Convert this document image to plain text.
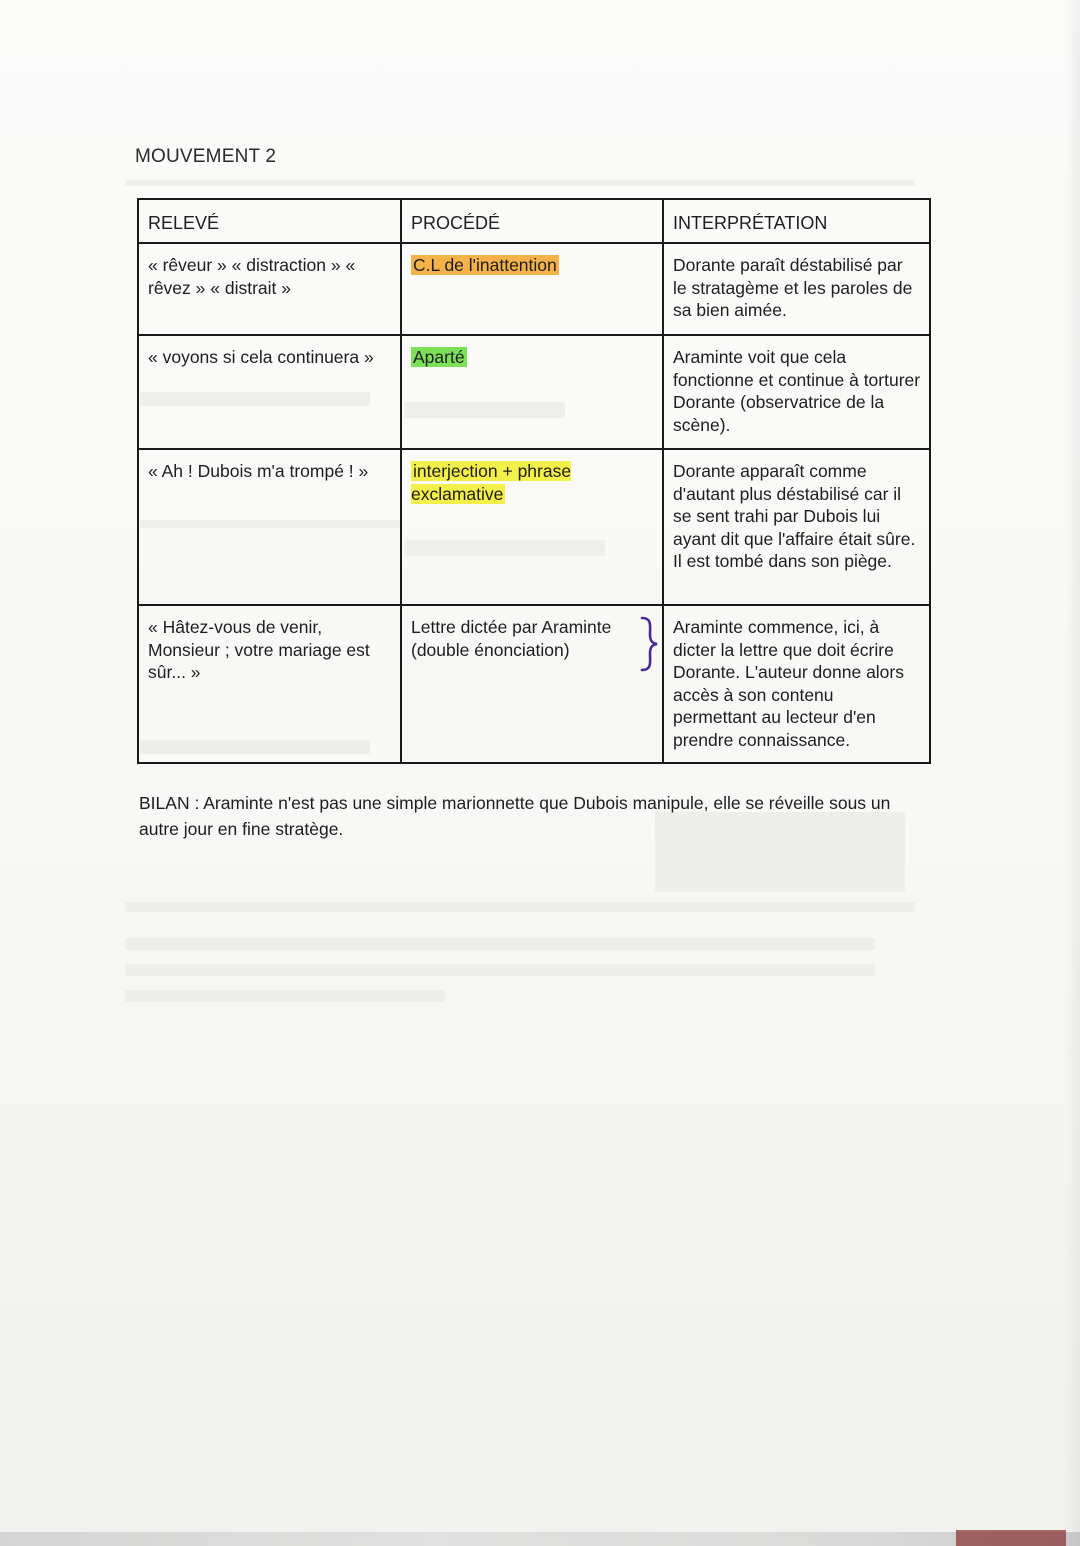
MOUVEMENT 2
RELEVÉ	PROCÉDÉ	INTERPRÉTATION
« rêveur » « distraction » « rêvez » « distrait »	C.L de l'inattention	Dorante paraît déstabilisé par le stratagème et les paroles de sa bien aimée.
« voyons si cela continuera »	Aparté	Araminte voit que cela fonctionne et continue à torturer Dorante (observatrice de la scène).
« Ah ! Dubois m'a trompé ! »	interjection + phrase exclamative	Dorante apparaît comme d'autant plus déstabilisé car il se sent trahi par Dubois lui ayant dit que l'affaire était sûre. Il est tombé dans son piège.
« Hâtez-vous de venir, Monsieur ; votre mariage est sûr... »	Lettre dictée par Araminte (double énonciation)	Araminte commence, ici, à dicter la lettre que doit écrire Dorante. L'auteur donne alors accès à son contenu permettant au lecteur d'en prendre connaissance.
BILAN : Araminte n'est pas une simple marionnette que Dubois manipule, elle se réveille sous un autre jour en fine stratège.
